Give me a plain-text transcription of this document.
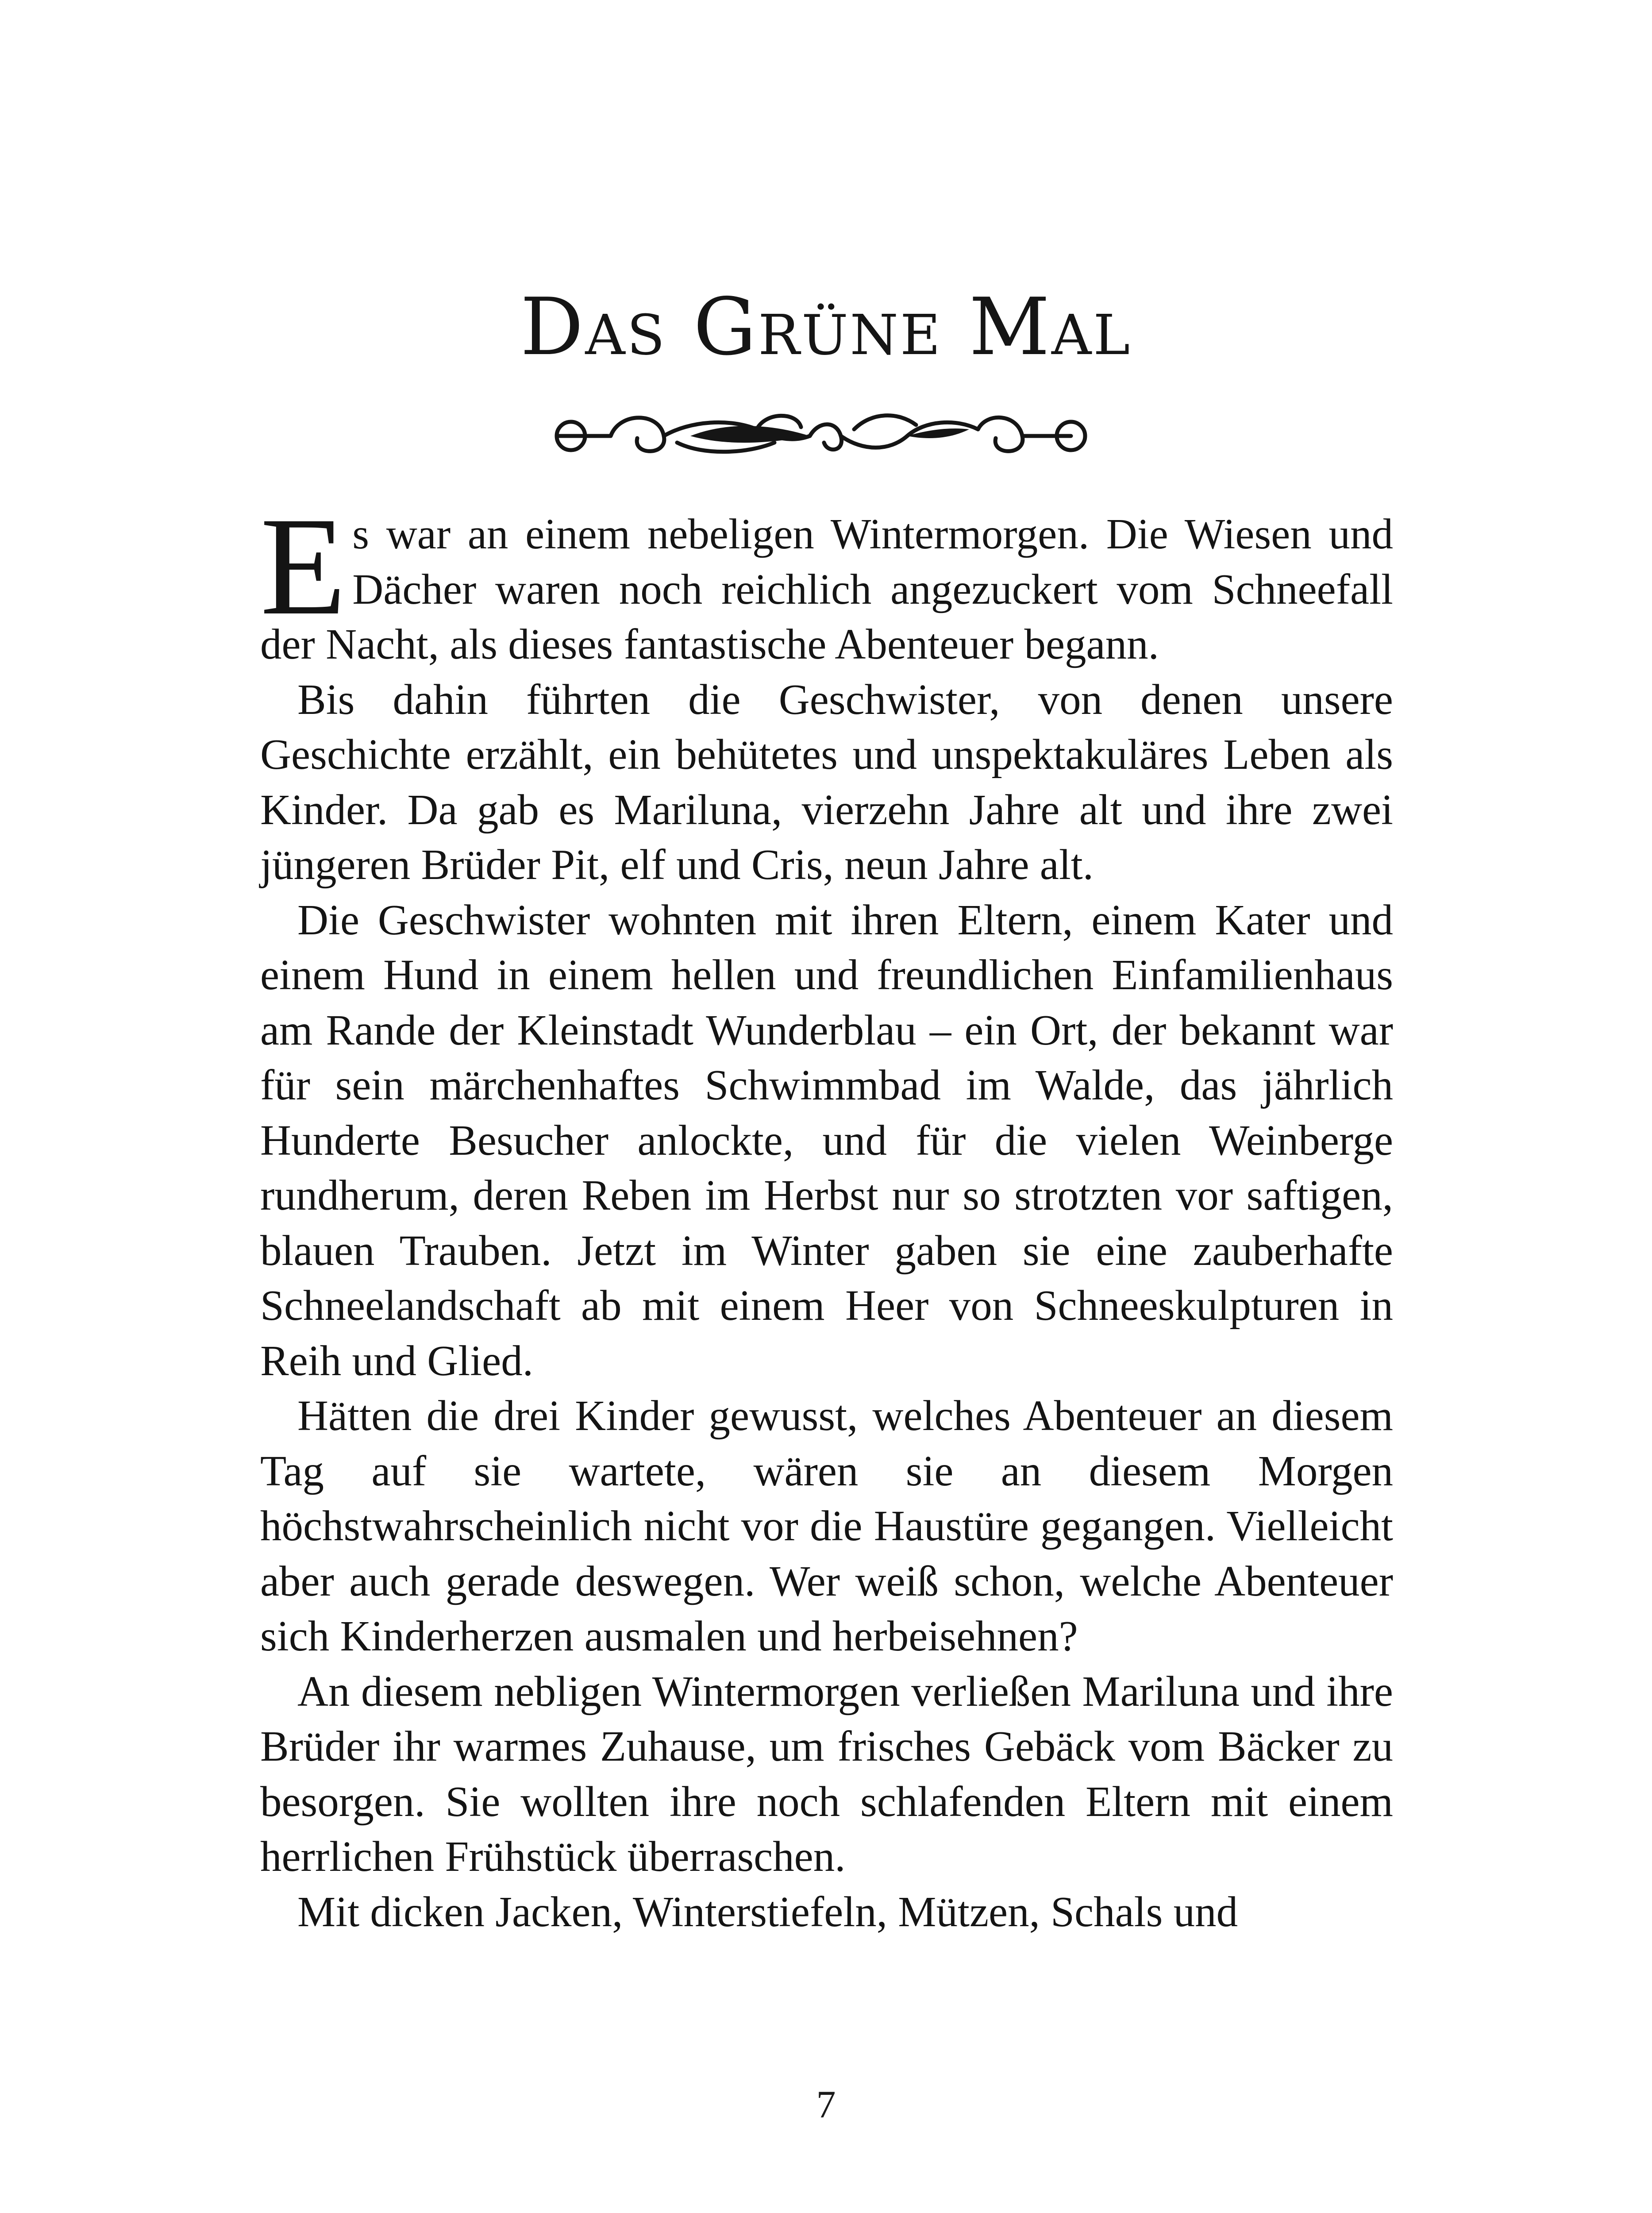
Das Grüne Mal

Es war an einem nebeligen Wintermorgen. Die Wiesen und Dächer waren noch reichlich angezuckert vom Schneefall der Nacht, als dieses fantastische Abenteuer begann.

Bis dahin führten die Geschwister, von denen unsere Geschichte erzählt, ein behütetes und unspektakuläres Leben als Kinder. Da gab es Mariluna, vierzehn Jahre alt und ihre zwei jüngeren Brüder Pit, elf und Cris, neun Jahre alt.

Die Geschwister wohnten mit ihren Eltern, einem Kater und einem Hund in einem hellen und freundlichen Einfamilienhaus am Rande der Kleinstadt Wunderblau – ein Ort, der bekannt war für sein märchenhaftes Schwimmbad im Walde, das jährlich Hunderte Besucher anlockte, und für die vielen Weinberge rundherum, deren Reben im Herbst nur so strotzten vor saftigen, blauen Trauben. Jetzt im Winter gaben sie eine zauberhafte Schneelandschaft ab mit einem Heer von Schneeskulpturen in Reih und Glied.

Hätten die drei Kinder gewusst, welches Abenteuer an diesem Tag auf sie wartete, wären sie an diesem Morgen höchstwahrscheinlich nicht vor die Haustüre gegangen. Vielleicht aber auch gerade deswegen. Wer weiß schon, welche Abenteuer sich Kinderherzen ausmalen und herbeisehnen?

An diesem nebligen Wintermorgen verließen Mariluna und ihre Brüder ihr warmes Zuhause, um frisches Gebäck vom Bäcker zu besorgen. Sie wollten ihre noch schlafenden Eltern mit einem herrlichen Frühstück überraschen.

Mit dicken Jacken, Winterstiefeln, Mützen, Schals und

7
